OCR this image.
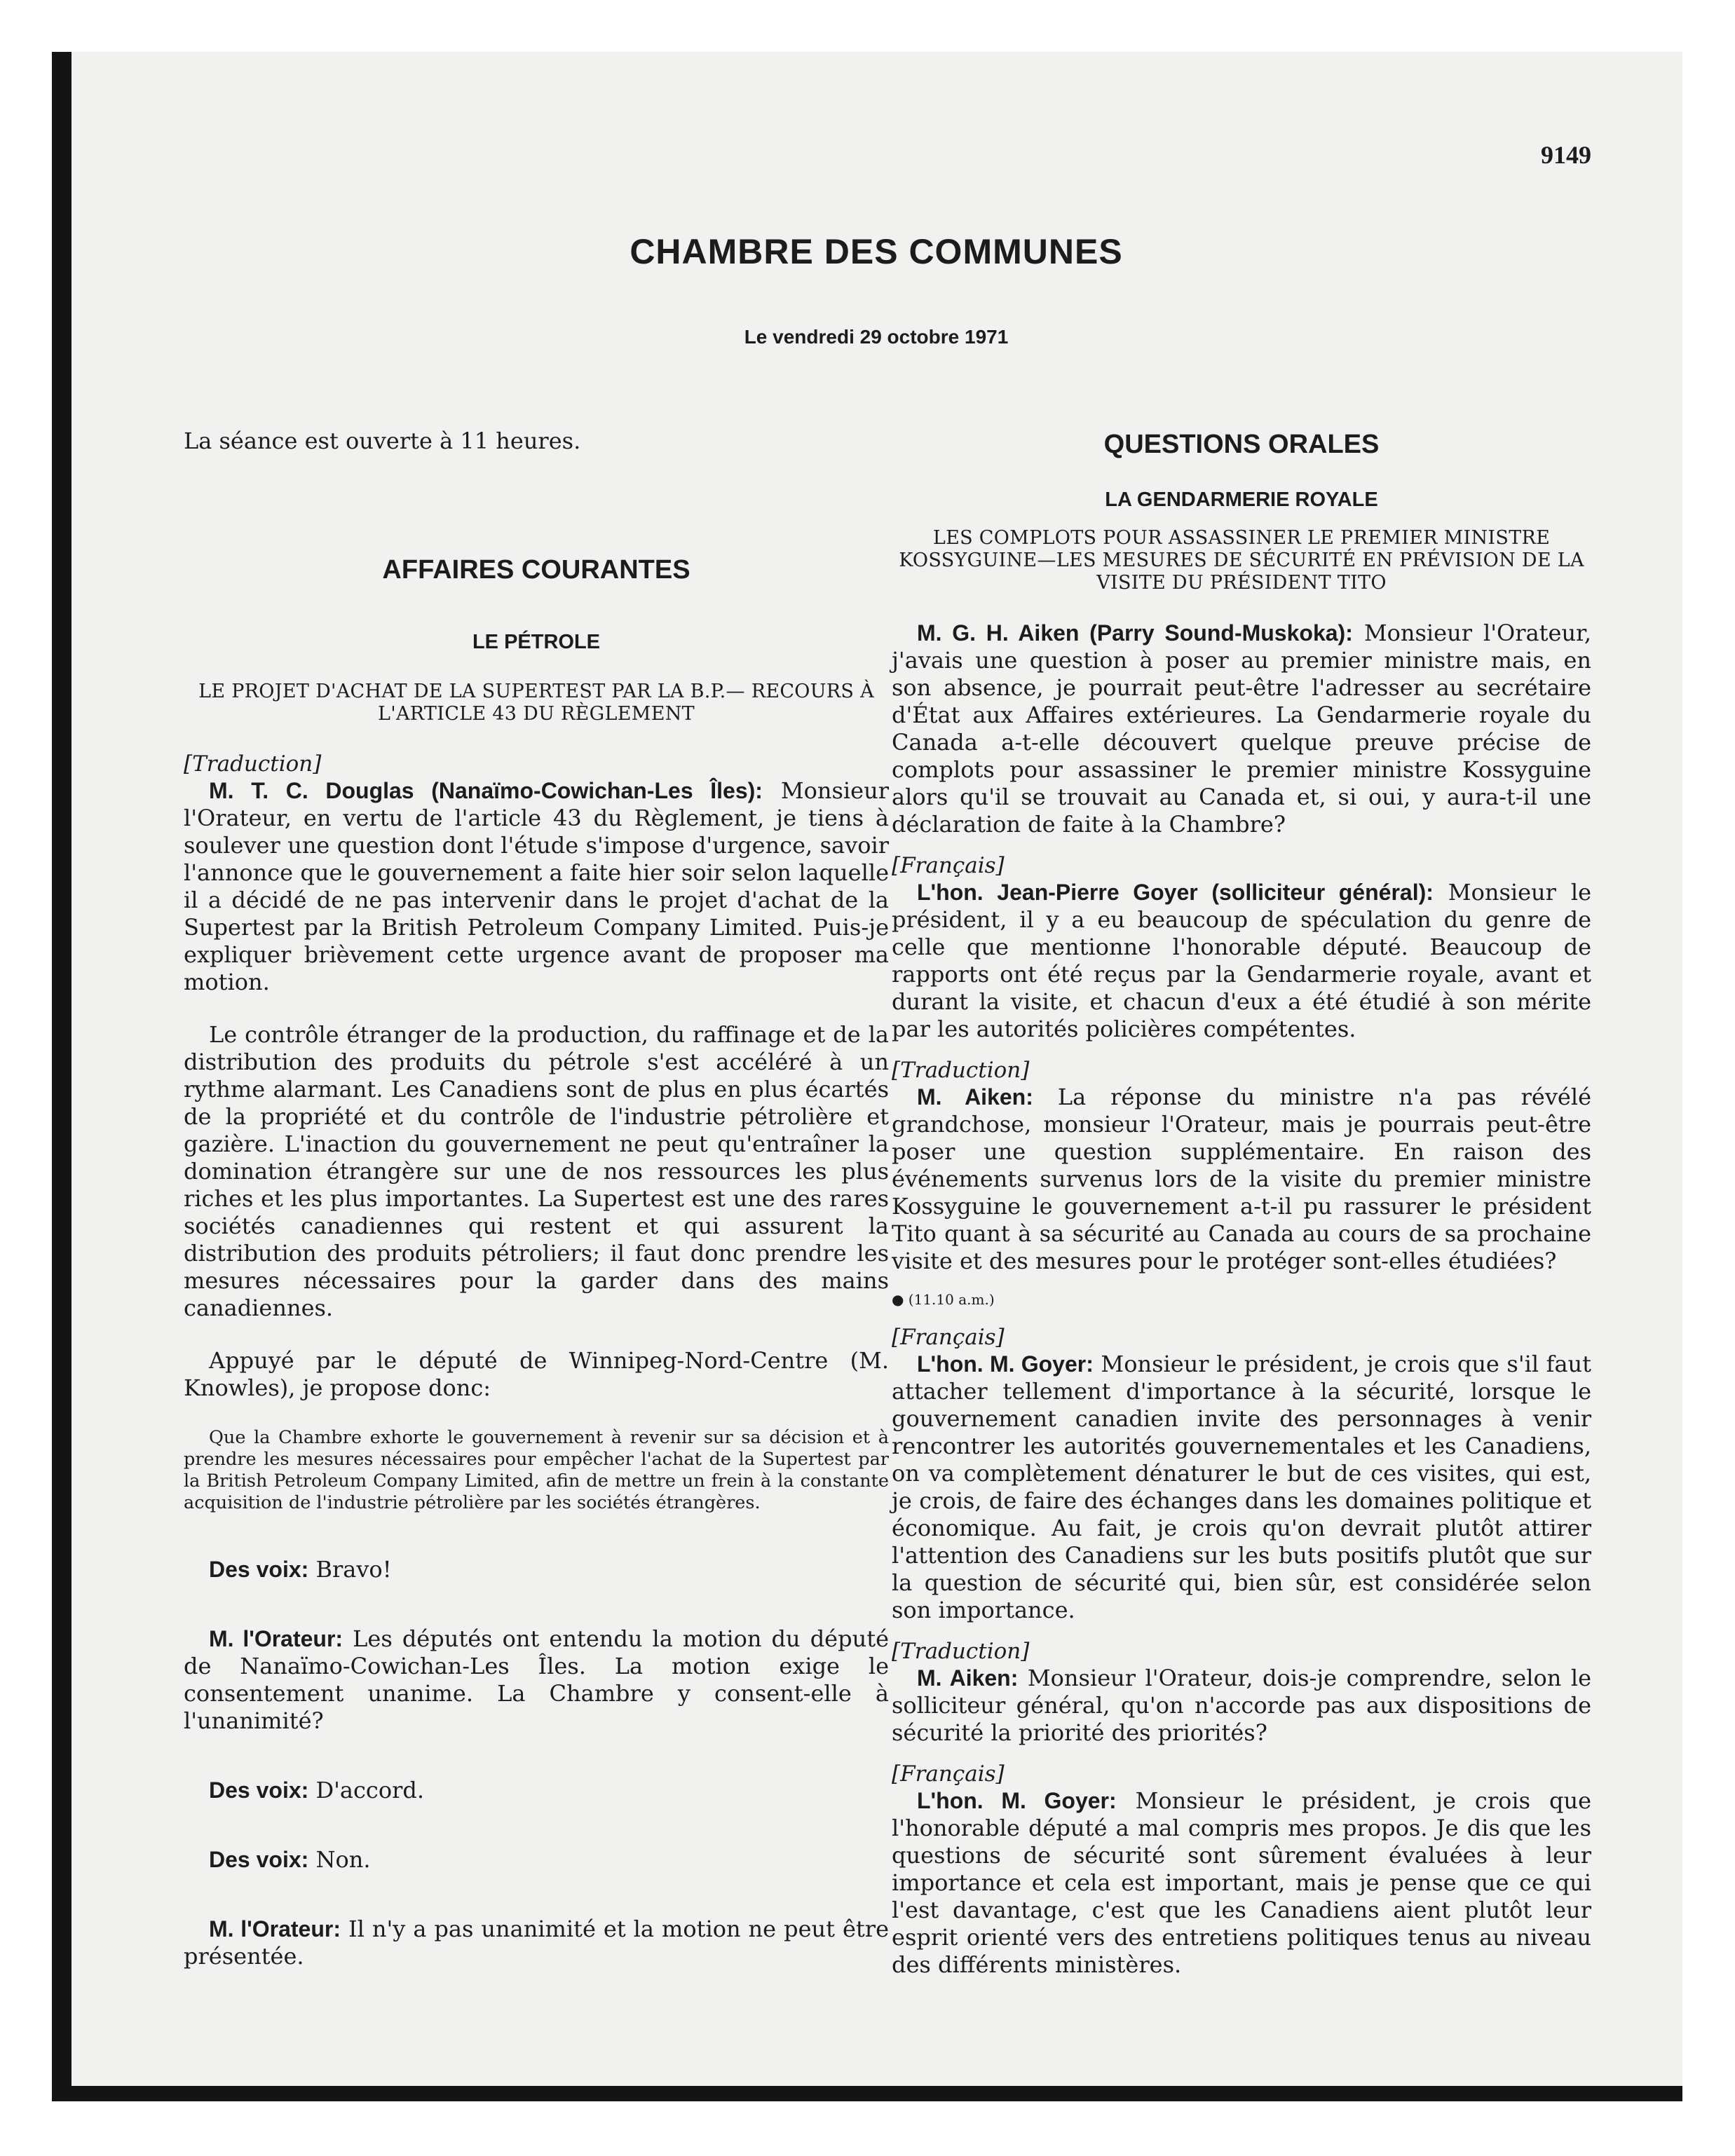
9149
CHAMBRE DES COMMUNES
Le vendredi 29 octobre 1971

La séance est ouverte à 11 heures.

AFFAIRES COURANTES
LE PÉTROLE

LE PROJET D'ACHAT DE LA SUPERTEST PAR LA B.P.— RECOURS À L'ARTICLE 43 DU RÈGLEMENT

[Traduction]

M. T. C. Douglas (Nanaïmo-Cowichan-Les Îles): Monsieur l'Orateur, en vertu de l'article 43 du Règlement, je tiens à soulever une question dont l'étude s'impose d'urgence, savoir l'annonce que le gouvernement a faite hier soir selon laquelle il a décidé de ne pas intervenir dans le projet d'achat de la Supertest par la British Petroleum Company Limited. Puis-je expliquer brièvement cette urgence avant de proposer ma motion.

Le contrôle étranger de la production, du raffinage et de la distribution des produits du pétrole s'est accéléré à un rythme alarmant. Les Canadiens sont de plus en plus écartés de la propriété et du contrôle de l'industrie pétrolière et gazière. L'inaction du gouvernement ne peut qu'entraîner la domination étrangère sur une de nos ressources les plus riches et les plus importantes. La Supertest est une des rares sociétés canadiennes qui restent et qui assurent la distribution des produits pétroliers; il faut donc prendre les mesures nécessaires pour la garder dans des mains canadiennes.

Appuyé par le député de Winnipeg-Nord-Centre (M. Knowles), je propose donc:

Que la Chambre exhorte le gouvernement à revenir sur sa décision et à prendre les mesures nécessaires pour empêcher l'achat de la Supertest par la British Petroleum Company Limited, afin de mettre un frein à la constante acquisition de l'industrie pétrolière par les sociétés étrangères.

Des voix: Bravo!

M. l'Orateur: Les députés ont entendu la motion du député de Nanaïmo-Cowichan-Les Îles. La motion exige le consentement unanime. La Chambre y consent-elle à l'unanimité?

Des voix: D'accord.

Des voix: Non.

M. l'Orateur: Il n'y a pas unanimité et la motion ne peut être présentée.

QUESTIONS ORALES
LA GENDARMERIE ROYALE

LES COMPLOTS POUR ASSASSINER LE PREMIER MINISTRE KOSSYGUINE—LES MESURES DE SÉCURITÉ EN PRÉVISION DE LA VISITE DU PRÉSIDENT TITO

M. G. H. Aiken (Parry Sound-Muskoka): Monsieur l'Orateur, j'avais une question à poser au premier ministre mais, en son absence, je pourrait peut-être l'adresser au secrétaire d'État aux Affaires extérieures. La Gendarmerie royale du Canada a-t-elle découvert quelque preuve précise de complots pour assassiner le premier ministre Kossyguine alors qu'il se trouvait au Canada et, si oui, y aura-t-il une déclaration de faite à la Chambre?

[Français]

L'hon. Jean-Pierre Goyer (solliciteur général): Monsieur le président, il y a eu beaucoup de spéculation du genre de celle que mentionne l'honorable député. Beaucoup de rapports ont été reçus par la Gendarmerie royale, avant et durant la visite, et chacun d'eux a été étudié à son mérite par les autorités policières compétentes.

[Traduction]

M. Aiken: La réponse du ministre n'a pas révélé grandchose, monsieur l'Orateur, mais je pourrais peut-être poser une question supplémentaire. En raison des événements survenus lors de la visite du premier ministre Kossyguine le gouvernement a-t-il pu rassurer le président Tito quant à sa sécurité au Canada au cours de sa prochaine visite et des mesures pour le protéger sont-elles étudiées?

● (11.10 a.m.)

[Français]

L'hon. M. Goyer: Monsieur le président, je crois que s'il faut attacher tellement d'importance à la sécurité, lorsque le gouvernement canadien invite des personnages à venir rencontrer les autorités gouvernementales et les Canadiens, on va complètement dénaturer le but de ces visites, qui est, je crois, de faire des échanges dans les domaines politique et économique. Au fait, je crois qu'on devrait plutôt attirer l'attention des Canadiens sur les buts positifs plutôt que sur la question de sécurité qui, bien sûr, est considérée selon son importance.

[Traduction]

M. Aiken: Monsieur l'Orateur, dois-je comprendre, selon le solliciteur général, qu'on n'accorde pas aux dispositions de sécurité la priorité des priorités?

[Français]

L'hon. M. Goyer: Monsieur le président, je crois que l'honorable député a mal compris mes propos. Je dis que les questions de sécurité sont sûrement évaluées à leur importance et cela est important, mais je pense que ce qui l'est davantage, c'est que les Canadiens aient plutôt leur esprit orienté vers des entretiens politiques tenus au niveau des différents ministères.
